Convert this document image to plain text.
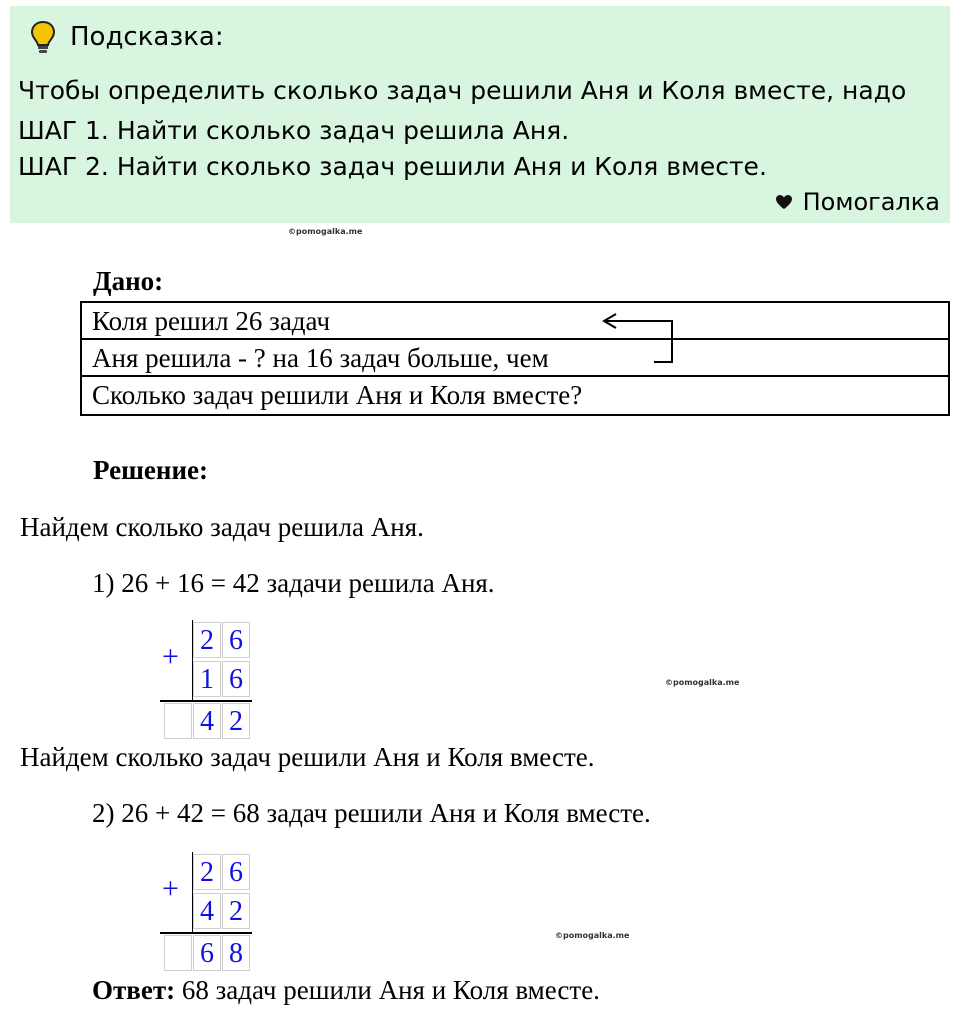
Подсказка:
Чтобы определить сколько задач решили Аня и Коля вместе, надо
ШАГ 1. Найти сколько задач решила Аня.
ШАГ 2. Найти сколько задач решили Аня и Коля вместе.
Помогалка
©pomogalka.me
©pomogalka.me
©pomogalka.me
Дано:
Коля решил 26 задач
Аня решила - ? на 16 задач больше, чем
Сколько задач решили Аня и Коля вместе?
Решение:
Найдем сколько задач решила Аня.
1) 26 + 16 = 42 задачи решила Аня.
+ 2 6
1 6
4 2
Найдем сколько задач решили Аня и Коля вместе.
2) 26 + 42 = 68 задач решили Аня и Коля вместе.
+ 2 6
4 2
6 8
Ответ: 68 задач решили Аня и Коля вместе.
